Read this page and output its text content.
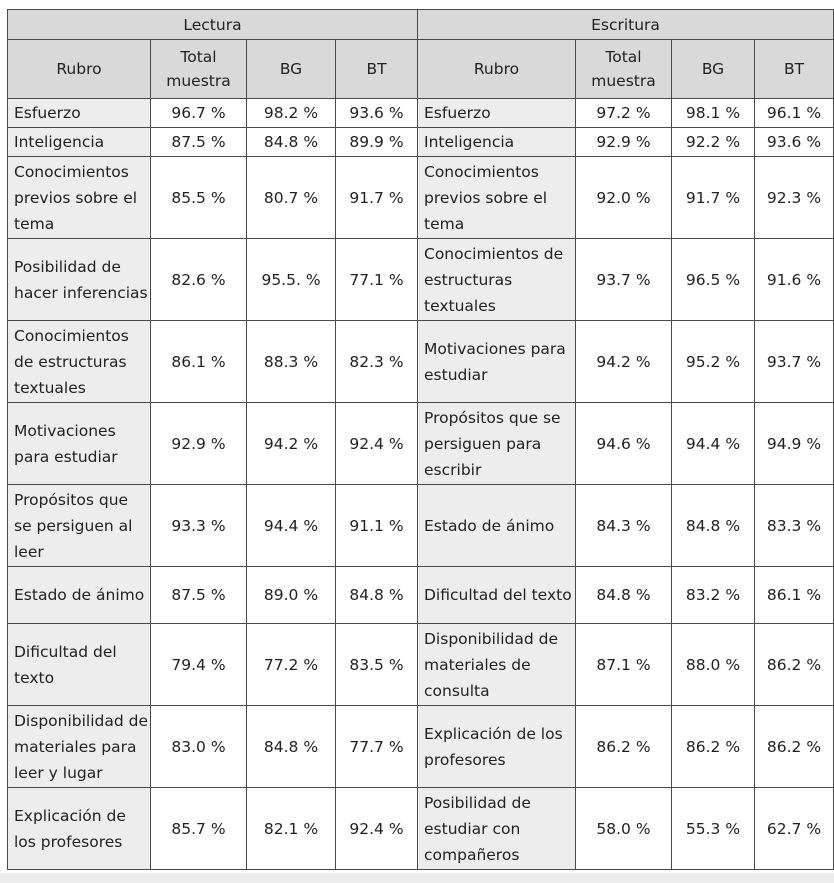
Lectura				Escritura			
Rubro	Total muestra	BG	BT	Rubro	Total muestra	BG	BT
Esfuerzo	96.7 %	98.2 %	93.6 %	Esfuerzo	97.2 %	98.1 %	96.1 %
Inteligencia	87.5 %	84.8 %	89.9 %	Inteligencia	92.9 %	92.2 %	93.6 %
Conocimientos previos sobre el tema	85.5 %	80.7 %	91.7 %	Conocimientos previos sobre el tema	92.0 %	91.7 %	92.3 %
Posibilidad de hacer inferencias	82.6 %	95.5. %	77.1 %	Conocimientos de estructuras textuales	93.7 %	96.5 %	91.6 %
Conocimientos de estructuras textuales	86.1 %	88.3 %	82.3 %	Motivaciones para estudiar	94.2 %	95.2 %	93.7 %
Motivaciones para estudiar	92.9 %	94.2 %	92.4 %	Propósitos que se persiguen para escribir	94.6 %	94.4 %	94.9 %
Propósitos que se persiguen al leer	93.3 %	94.4 %	91.1 %	Estado de ánimo	84.3 %	84.8 %	83.3 %
Estado de ánimo	87.5 %	89.0 %	84.8 %	Dificultad del texto	84.8 %	83.2 %	86.1 %
Dificultad del texto	79.4 %	77.2 %	83.5 %	Disponibilidad de materiales de consulta	87.1 %	88.0 %	86.2 %
Disponibilidad de materiales para leer y lugar	83.0 %	84.8 %	77.7 %	Explicación de los profesores	86.2 %	86.2 %	86.2 %
Explicación de los profesores	85.7 %	82.1 %	92.4 %	Posibilidad de estudiar con compañeros	58.0 %	55.3 %	62.7 %
